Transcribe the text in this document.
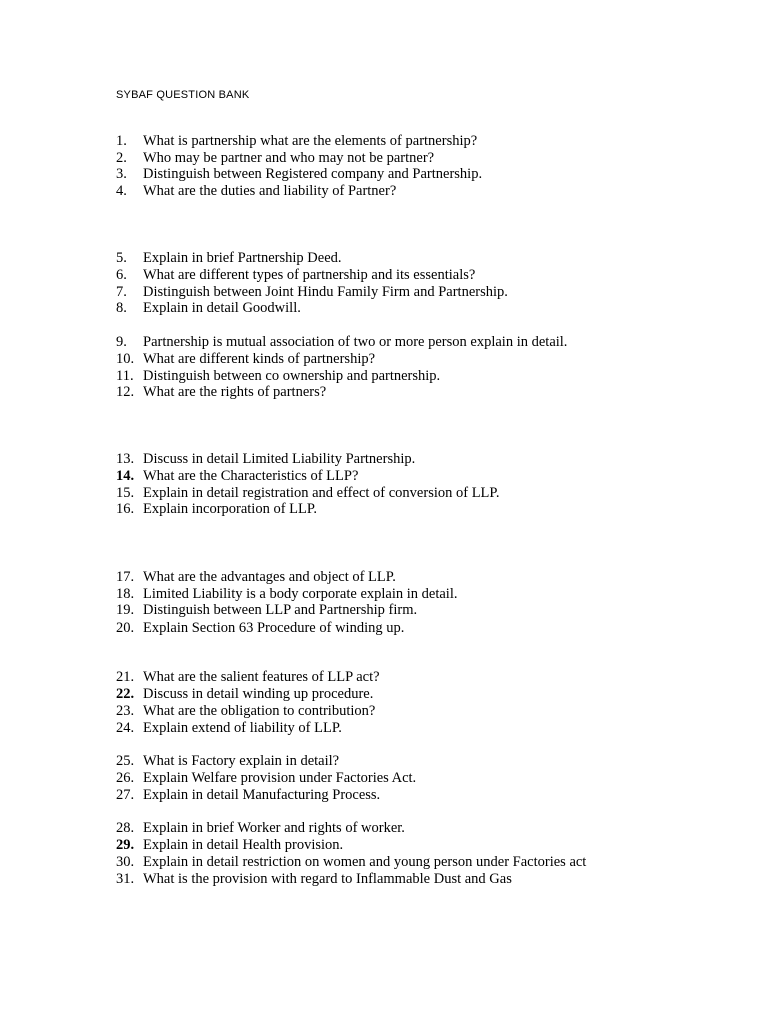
SYBAF QUESTION BANK
1. What is partnership what are the elements of partnership?
2. Who may be partner and who may not be partner?
3. Distinguish between Registered company and Partnership.
4. What are the duties and liability of Partner?
5. Explain in brief Partnership Deed.
6. What are different types of partnership and its essentials?
7. Distinguish between Joint Hindu Family Firm and Partnership.
8. Explain in detail Goodwill.
9. Partnership is mutual association of two or more person explain in detail.
10. What are different kinds of partnership?
11. Distinguish between co ownership and partnership.
12. What are the rights of partners?
13. Discuss in detail Limited Liability Partnership.
14. What are the Characteristics of LLP?
15. Explain in detail registration and effect of conversion of LLP.
16. Explain incorporation of LLP.
17. What are the advantages and object of LLP.
18. Limited Liability is a body corporate explain in detail.
19. Distinguish between LLP and Partnership firm.
20. Explain Section 63 Procedure of winding up.
21. What are the salient features of LLP act?
22. Discuss in detail winding up procedure.
23. What are the obligation to contribution?
24. Explain extend of liability of LLP.
25. What is Factory explain in detail?
26. Explain Welfare provision under Factories Act.
27. Explain in detail Manufacturing Process.
28. Explain in brief Worker and rights of worker.
29. Explain in detail Health provision.
30. Explain in detail restriction on women and young person under Factories act
31. What is the provision with regard to Inflammable Dust and Gas
